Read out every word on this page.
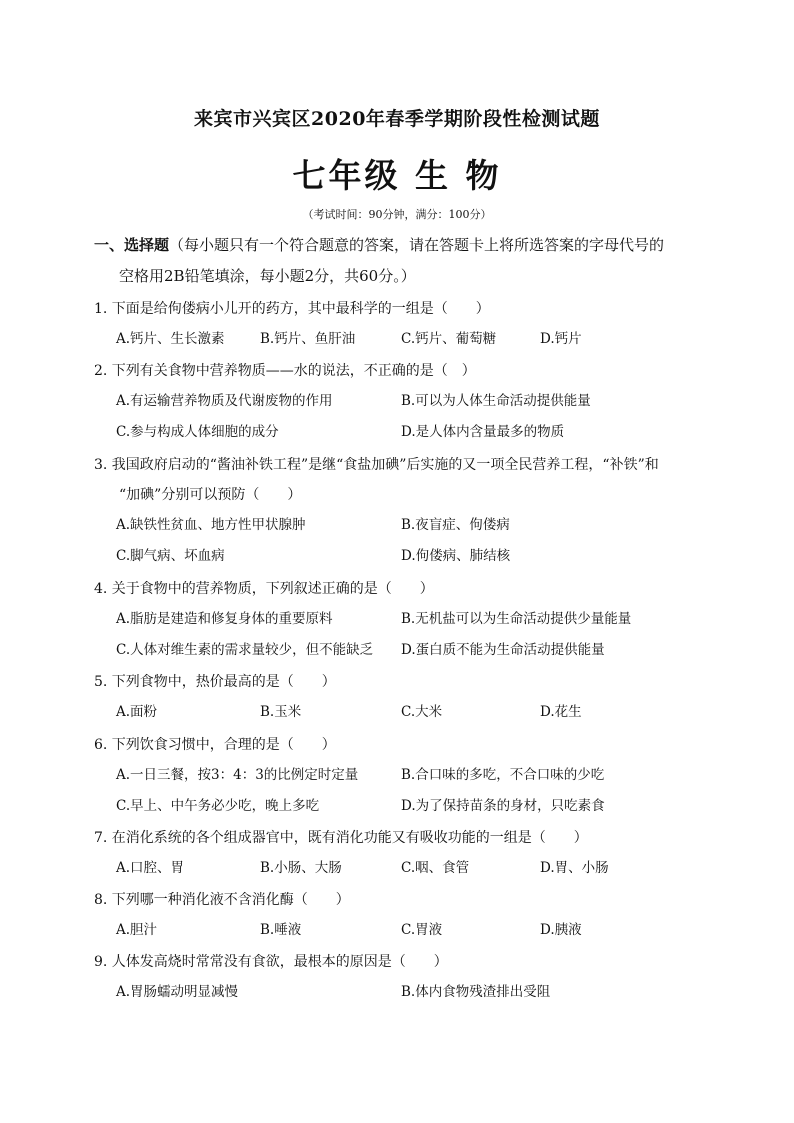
来宾市兴宾区2020年春季学期阶段性检测试题
七年级 生 物
（考试时间：90分钟，满分：100分）
一、选择题（每小题只有一个符合题意的答案，请在答题卡上将所选答案的字母代号的
空格用2B铅笔填涂，每小题2分，共60分。）
1. 下面是给佝偻病小儿开的药方，其中最科学的一组是（　　）
A.钙片、生长激素	B.钙片、鱼肝油	C.钙片、葡萄糖	D.钙片
2. 下列有关食物中营养物质——水的说法，不正确的是（　）
A.有运输营养物质及代谢废物的作用	B.可以为人体生命活动提供能量
C.参与构成人体细胞的成分	D.是人体内含量最多的物质
3. 我国政府启动的“酱油补铁工程”是继“食盐加碘”后实施的又一项全民营养工程，“补铁”和
“加碘”分别可以预防（　　）
A.缺铁性贫血、地方性甲状腺肿	B.夜盲症、佝偻病
C.脚气病、坏血病	D.佝偻病、肺结核
4. 关于食物中的营养物质，下列叙述正确的是（　　）
A.脂肪是建造和修复身体的重要原料	B.无机盐可以为生命活动提供少量能量
C.人体对维生素的需求量较少，但不能缺乏 D.蛋白质不能为生命活动提供能量
5. 下列食物中，热价最高的是（　　）
A.面粉	B.玉米	C.大米	D.花生
6. 下列饮食习惯中，合理的是（　　）
A.一日三餐，按3：4：3的比例定时定量	B.合口味的多吃，不合口味的少吃
C.早上、中午务必少吃，晚上多吃	D.为了保持苗条的身材，只吃素食
7. 在消化系统的各个组成器官中，既有消化功能又有吸收功能的一组是（　　）
A.口腔、胃	B.小肠、大肠	C.咽、食管	D.胃、小肠
8. 下列哪一种消化液不含消化酶（　　）
A.胆汁	B.唾液	C.胃液	D.胰液
9. 人体发高烧时常常没有食欲，最根本的原因是（　　）
A.胃肠蠕动明显减慢	B.体内食物残渣排出受阻
